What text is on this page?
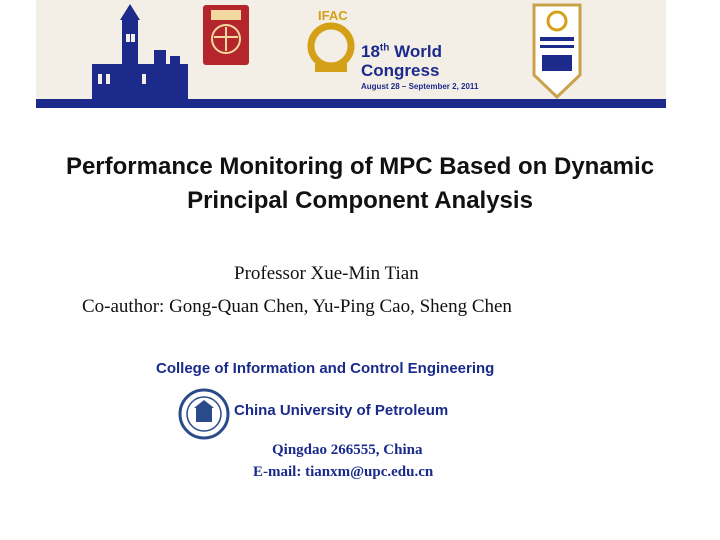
IFAC
18th World
Congress
August 28 – September 2, 2011
Performance Monitoring of MPC Based on Dynamic Principal Component Analysis
Professor Xue-Min Tian
Co-author: Gong-Quan Chen, Yu-Ping Cao, Sheng Chen
College of Information and Control Engineering
China University of Petroleum
Qingdao 266555, China
E-mail: tianxm@upc.edu.cn
